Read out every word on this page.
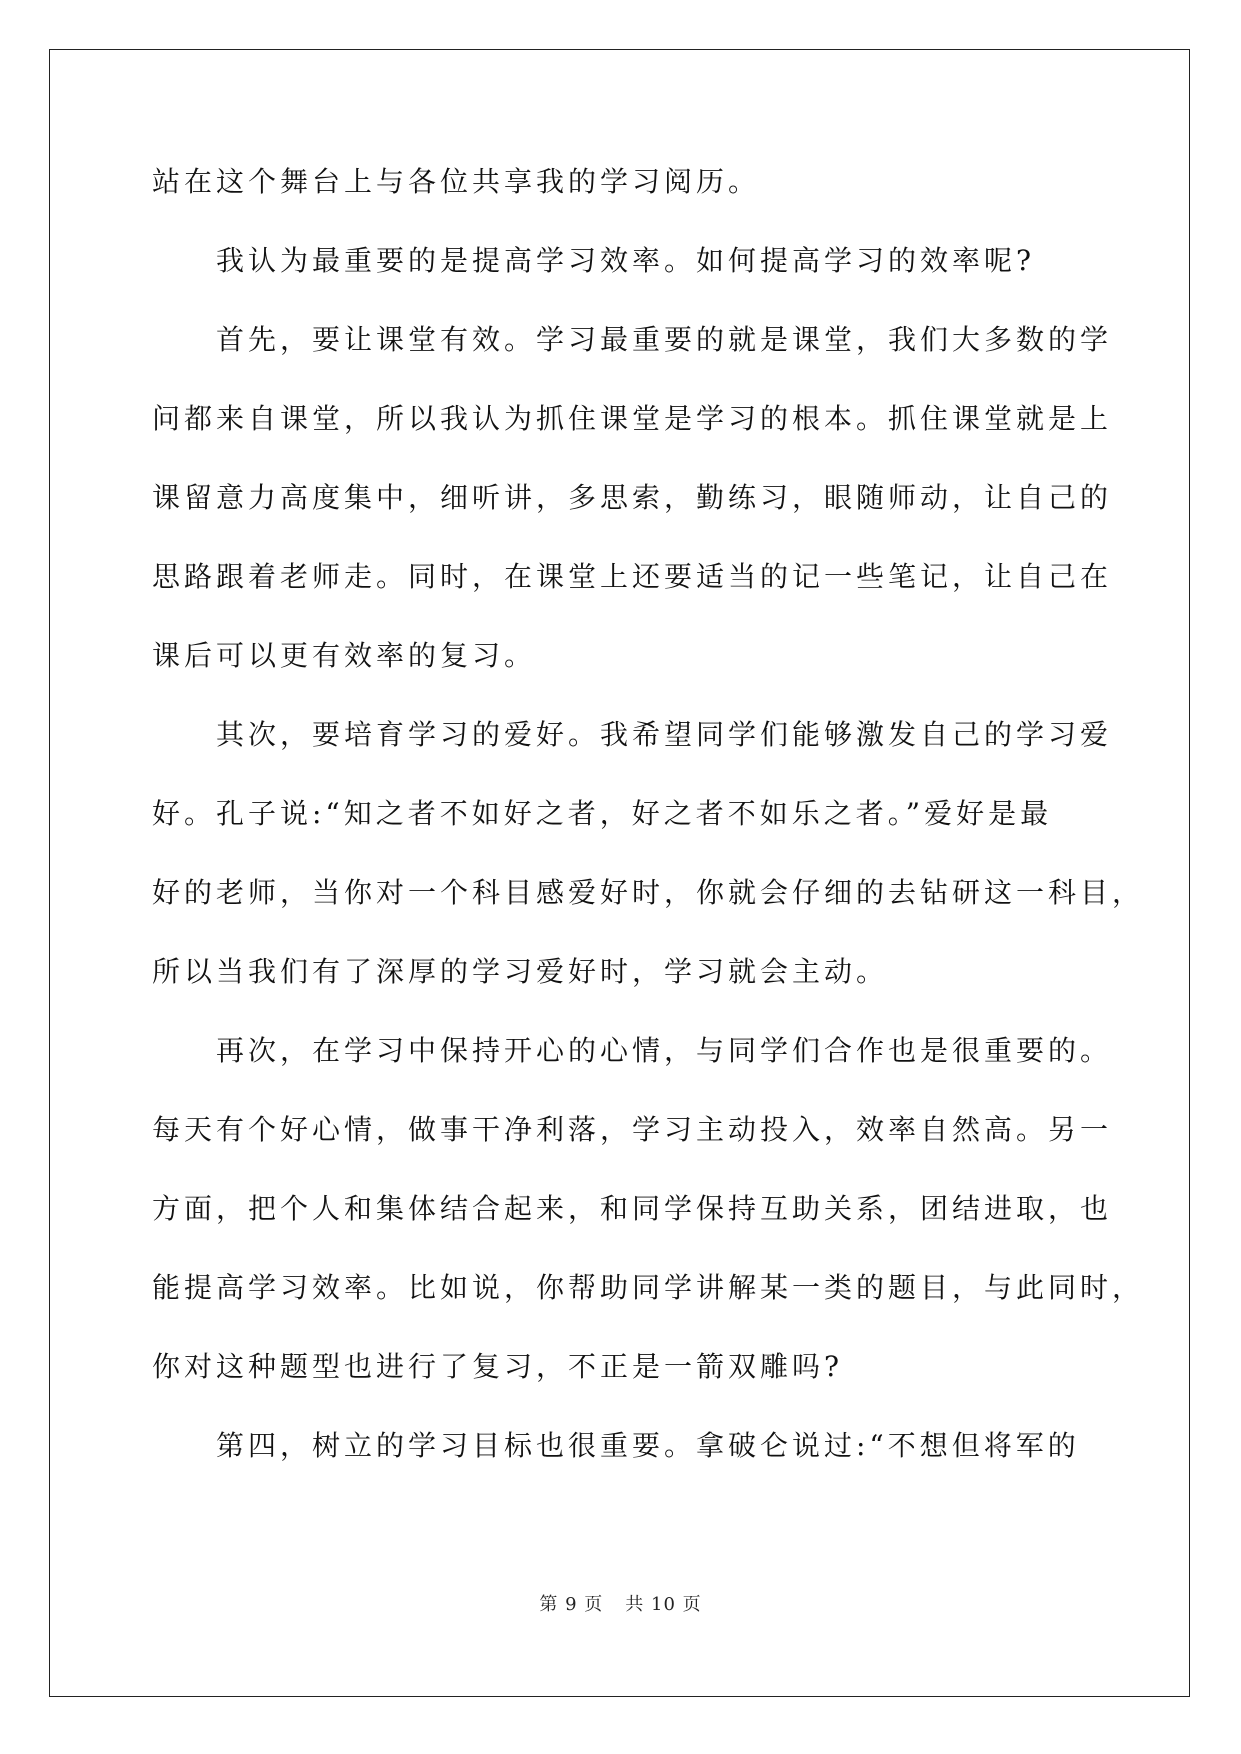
站在这个舞台上与各位共享我的学习阅历。
我认为最重要的是提高学习效率。如何提高学习的效率呢?
首先，要让课堂有效。学习最重要的就是课堂，我们大多数的学
问都来自课堂，所以我认为抓住课堂是学习的根本。抓住课堂就是上
课留意力高度集中，细听讲，多思索，勤练习，眼随师动，让自己的
思路跟着老师走。同时，在课堂上还要适当的记一些笔记，让自己在
课后可以更有效率的复习。
其次，要培育学习的爱好。我希望同学们能够激发自己的学习爱
好。孔子说:“知之者不如好之者，好之者不如乐之者。”爱好是最
好的老师，当你对一个科目感爱好时，你就会仔细的去钻研这一科目，
所以当我们有了深厚的学习爱好时，学习就会主动。
再次，在学习中保持开心的心情，与同学们合作也是很重要的。
每天有个好心情，做事干净利落，学习主动投入，效率自然高。另一
方面，把个人和集体结合起来，和同学保持互助关系，团结进取，也
能提高学习效率。比如说，你帮助同学讲解某一类的题目，与此同时，
你对这种题型也进行了复习，不正是一箭双雕吗?
第四，树立的学习目标也很重要。拿破仑说过:“不想但将军的
第 9 页 共 10 页
